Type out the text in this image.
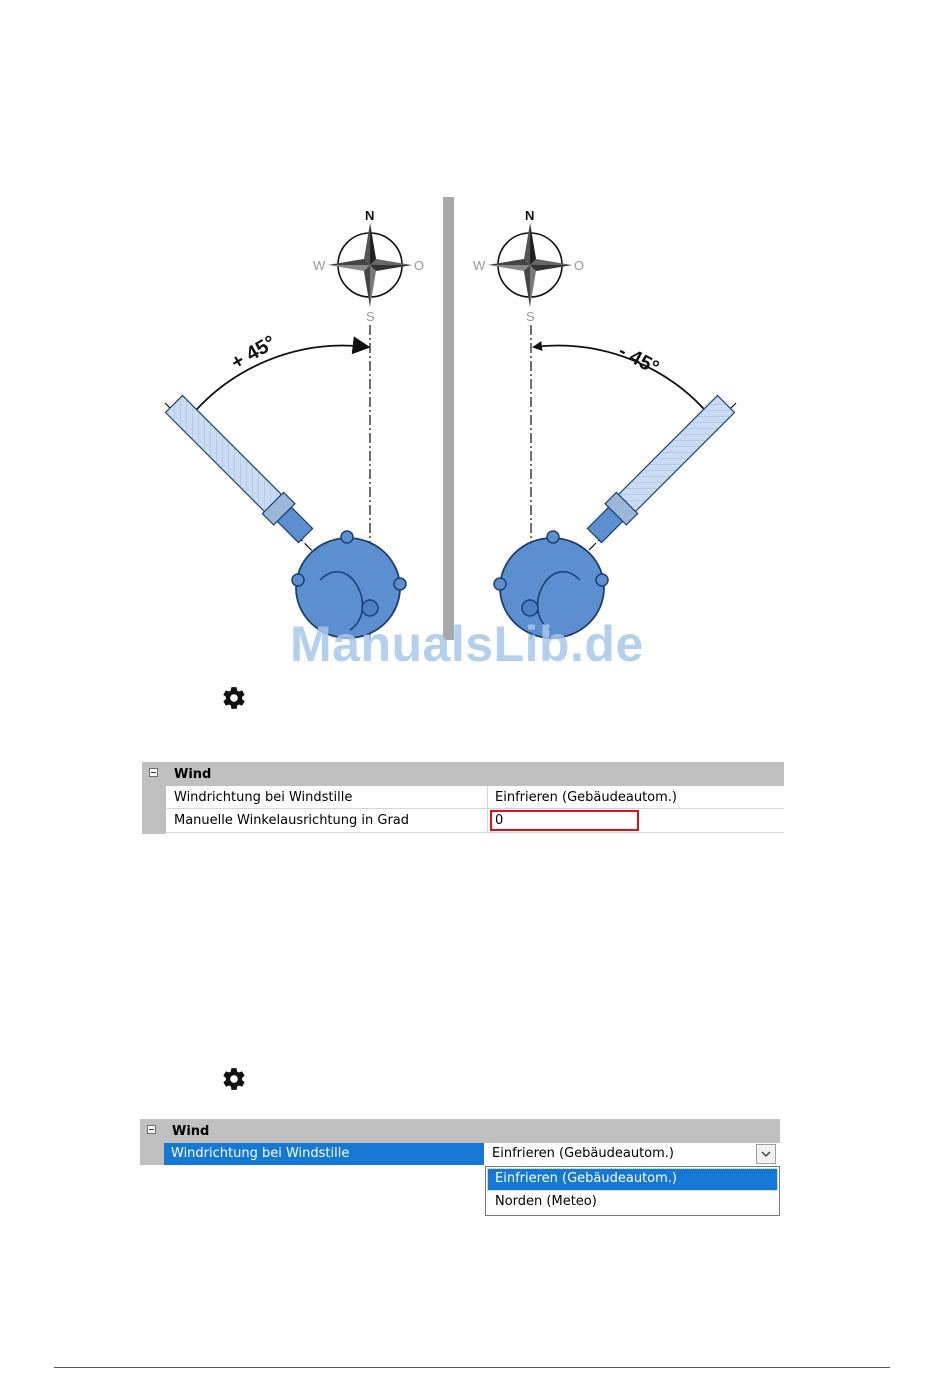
N
S
W	O
+ 45°
N
S
W	O
- 45°
ManualsLib.de
Wind
Windrichtung bei Windstille	Einfrieren (Gebäudeautom.)
Manuelle Winkelausrichtung in Grad	0
Wind
Windrichtung bei Windstille	Einfrieren (Gebäudeautom.)
Einfrieren (Gebäudeautom.)
Norden (Meteo)
